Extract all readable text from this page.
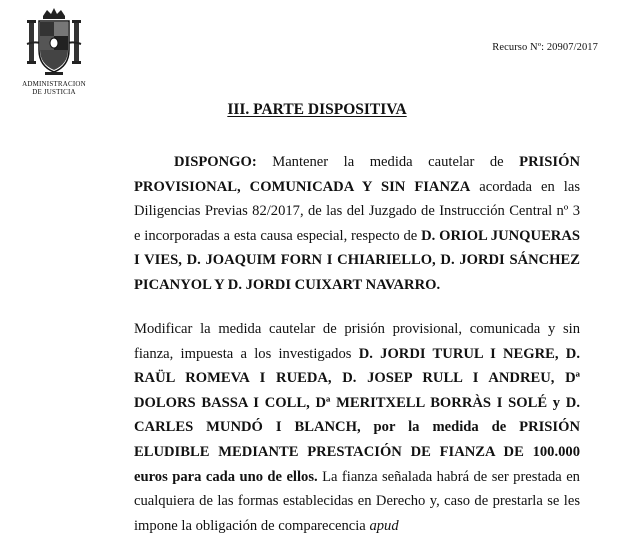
ADMINISTRACION
DE JUSTICIA
Recurso Nº: 20907/2017
III. PARTE DISPOSITIVA

DISPONGO: Mantener la medida cautelar de PRISIÓN PROVISIONAL, COMUNICADA Y SIN FIANZA acordada en las Diligencias Previas 82/2017, de las del Juzgado de Instrucción Central nº 3 e incorporadas a esta causa especial, respecto de D. ORIOL JUNQUERAS I VIES, D. JOAQUIM FORN I CHIARIELLO, D. JORDI SÁNCHEZ PICANYOL Y D. JORDI CUIXART NAVARRO.

Modificar la medida cautelar de prisión provisional, comunicada y sin fianza, impuesta a los investigados D. JORDI TURUL I NEGRE, D. RAÜL ROMEVA I RUEDA, D. JOSEP RULL I ANDREU, Dª DOLORS BASSA I COLL, Dª MERITXELL BORRÀS I SOLÉ y D. CARLES MUNDÓ I BLANCH, por la medida de PRISIÓN ELUDIBLE MEDIANTE PRESTACIÓN DE FIANZA DE 100.000 euros para cada uno de ellos. La fianza señalada habrá de ser prestada en cualquiera de las formas establecidas en Derecho y, caso de prestarla se les impone la obligación de comparecencia apud
